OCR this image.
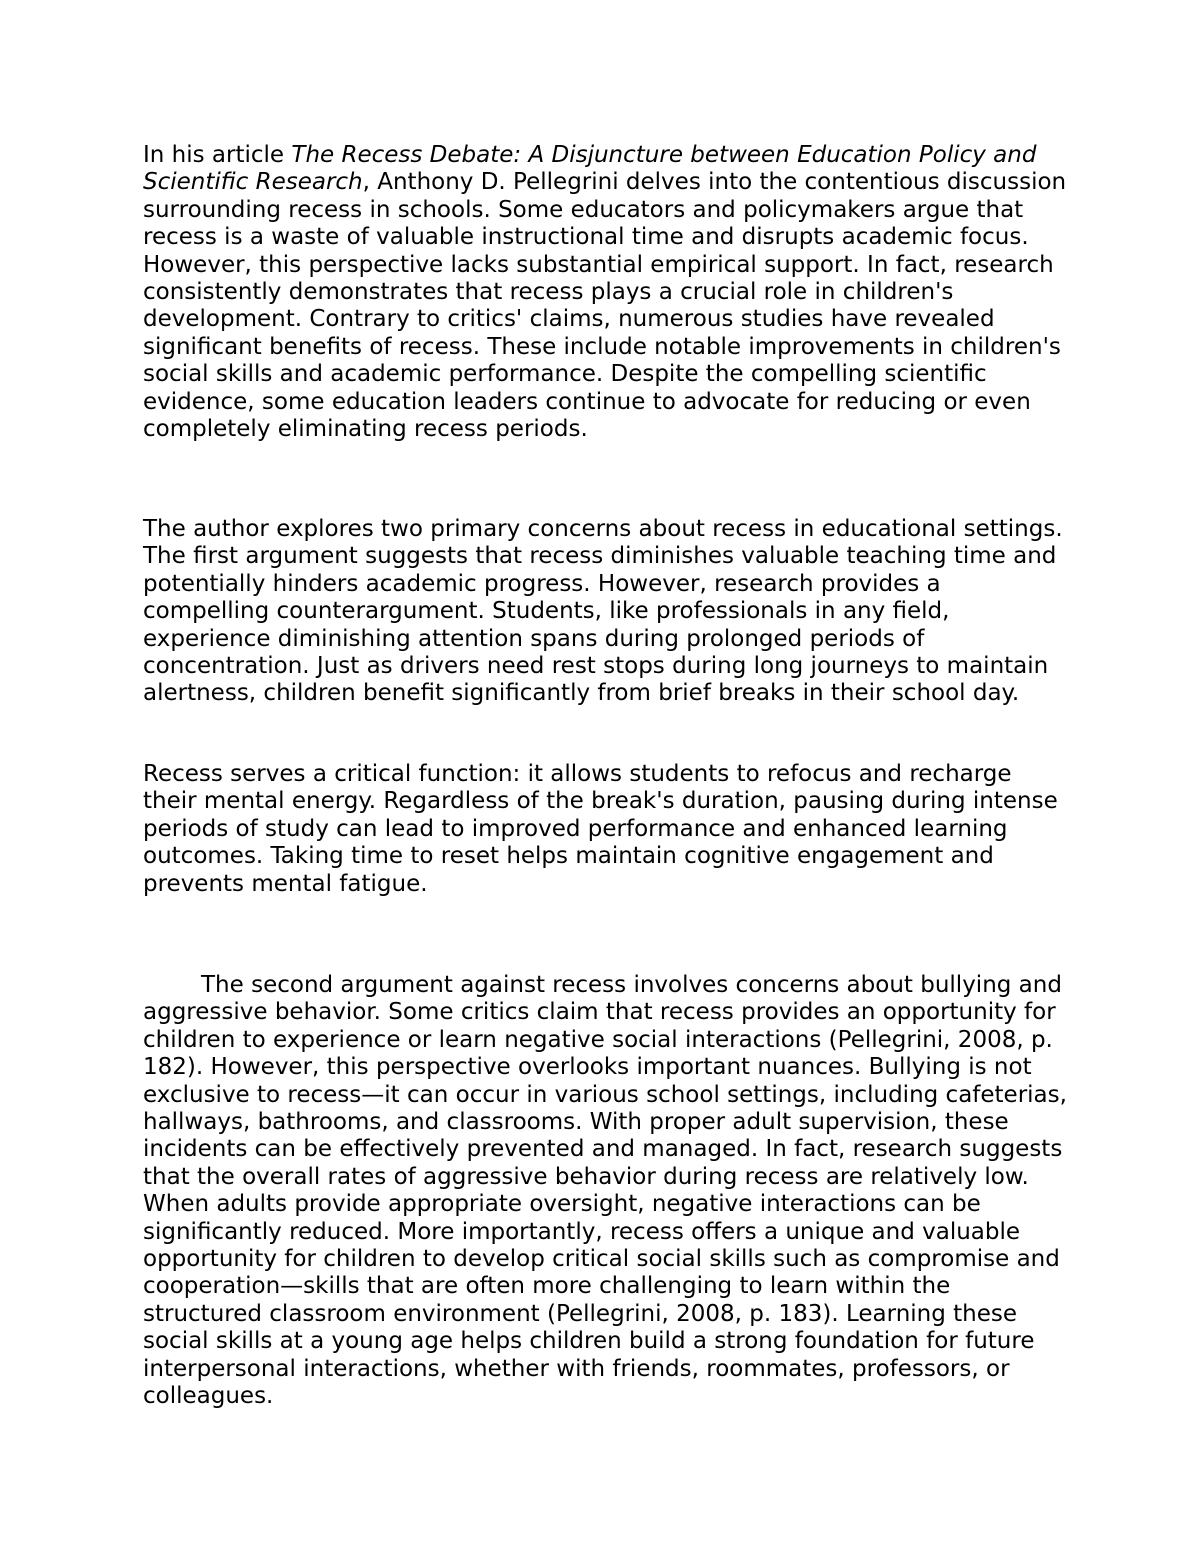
In his article The Recess Debate: A Disjuncture between Education Policy and Scientific Research, Anthony D. Pellegrini delves into the contentious discussion surrounding recess in schools. Some educators and policymakers argue that recess is a waste of valuable instructional time and disrupts academic focus. However, this perspective lacks substantial empirical support. In fact, research consistently demonstrates that recess plays a crucial role in children's development. Contrary to critics' claims, numerous studies have revealed significant benefits of recess. These include notable improvements in children's social skills and academic performance. Despite the compelling scientific evidence, some education leaders continue to advocate for reducing or even completely eliminating recess periods.

The author explores two primary concerns about recess in educational settings. The first argument suggests that recess diminishes valuable teaching time and potentially hinders academic progress. However, research provides a compelling counterargument. Students, like professionals in any field, experience diminishing attention spans during prolonged periods of concentration. Just as drivers need rest stops during long journeys to maintain alertness, children benefit significantly from brief breaks in their school day.

Recess serves a critical function: it allows students to refocus and recharge their mental energy. Regardless of the break's duration, pausing during intense periods of study can lead to improved performance and enhanced learning outcomes. Taking time to reset helps maintain cognitive engagement and prevents mental fatigue.

The second argument against recess involves concerns about bullying and aggressive behavior. Some critics claim that recess provides an opportunity for children to experience or learn negative social interactions (Pellegrini, 2008, p. 182). However, this perspective overlooks important nuances. Bullying is not exclusive to recess—it can occur in various school settings, including cafeterias, hallways, bathrooms, and classrooms. With proper adult supervision, these incidents can be effectively prevented and managed. In fact, research suggests that the overall rates of aggressive behavior during recess are relatively low. When adults provide appropriate oversight, negative interactions can be significantly reduced. More importantly, recess offers a unique and valuable opportunity for children to develop critical social skills such as compromise and cooperation—skills that are often more challenging to learn within the structured classroom environment (Pellegrini, 2008, p. 183). Learning these social skills at a young age helps children build a strong foundation for future interpersonal interactions, whether with friends, roommates, professors, or colleagues.
